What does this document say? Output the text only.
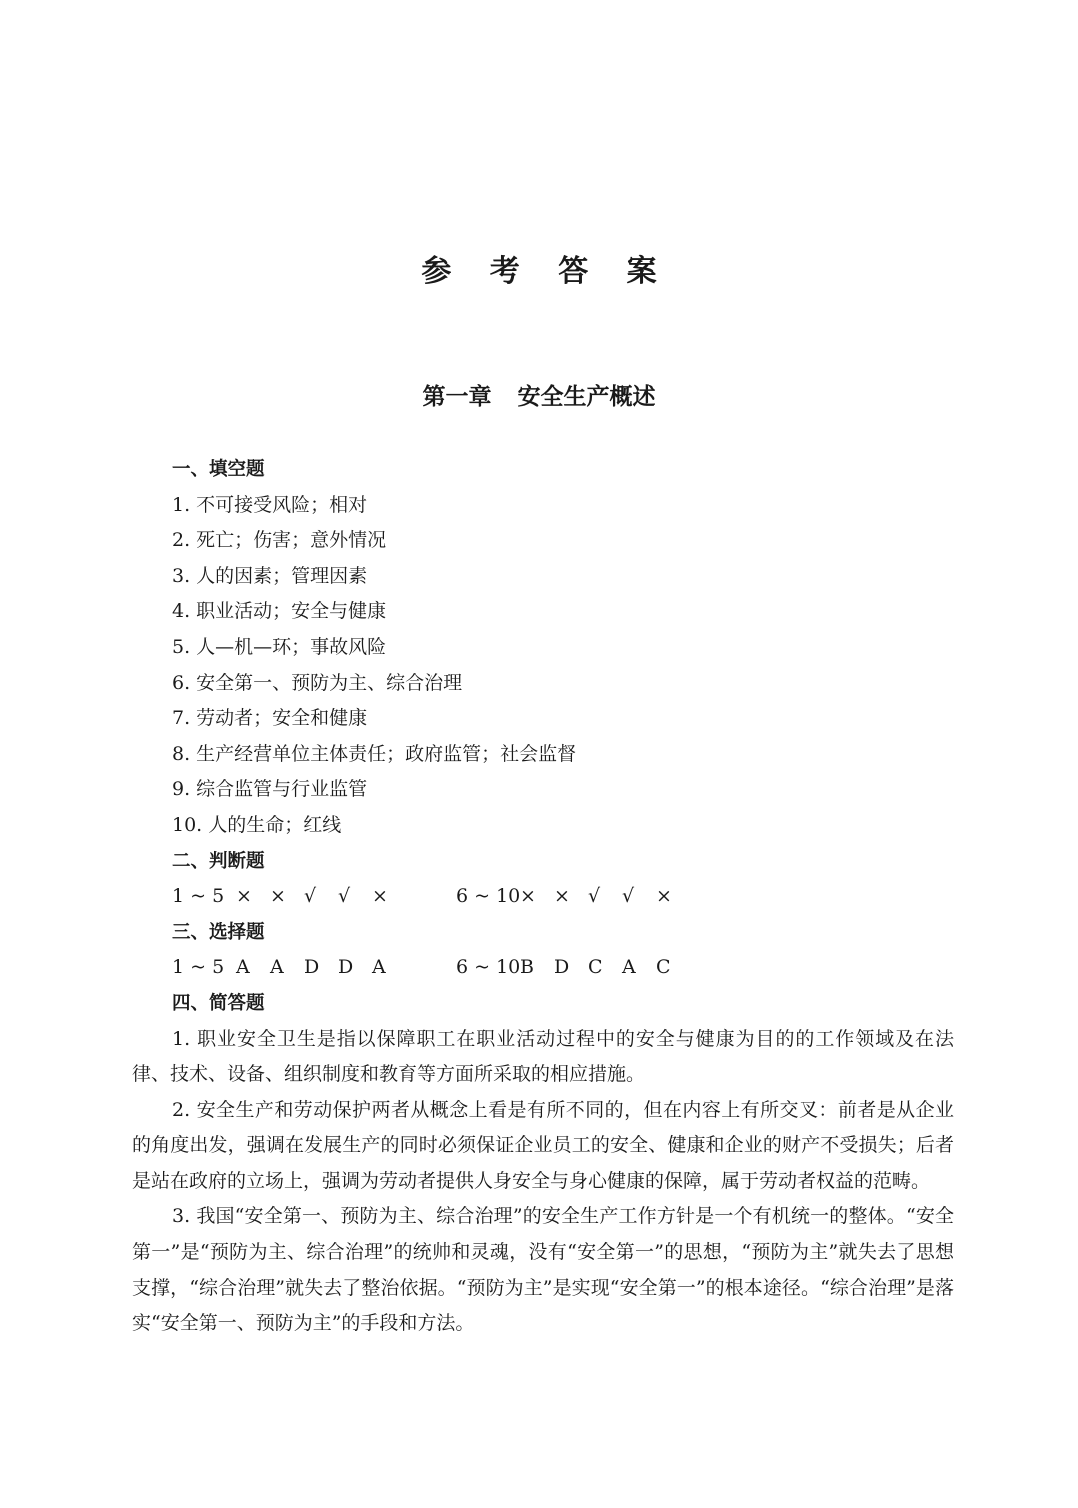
参 考 答 案
第一章 安全生产概述
一、填空题
1. 不可接受风险；相对
2. 死亡；伤害；意外情况
3. 人的因素；管理因素
4. 职业活动；安全与健康
5. 人—机—环；事故风险
6. 安全第一、预防为主、综合治理
7. 劳动者；安全和健康
8. 生产经营单位主体责任；政府监管；社会监督
9. 综合监管与行业监管
10. 人的生命；红线
二、判断题
1 ~ 5 × × √	√	×	6 ~ 10 × × √	√	×
三、选择题
1 ~ 5 A	A	D D A	6 ~ 10 B	D C	A	C
四、简答题

1. 职业安全卫生是指以保障职工在职业活动过程中的安全与健康为目的的工作领域及在法律、技术、设备、组织制度和教育等方面所采取的相应措施。

2. 安全生产和劳动保护两者从概念上看是有所不同的，但在内容上有所交叉：前者是从企业的角度出发，强调在发展生产的同时必须保证企业员工的安全、健康和企业的财产不受损失；后者是站在政府的立场上，强调为劳动者提供人身安全与身心健康的保障，属于劳动者权益的范畴。

3. 我国“安全第一、预防为主、综合治理”的安全生产工作方针是一个有机统一的整体。“安全第一”是“预防为主、综合治理”的统帅和灵魂，没有“安全第一”的思想，“预防为主”就失去了思想支撑，“综合治理”就失去了整治依据。“预防为主”是实现“安全第一”的根本途径。“综合治理”是落实“安全第一、预防为主”的手段和方法。
